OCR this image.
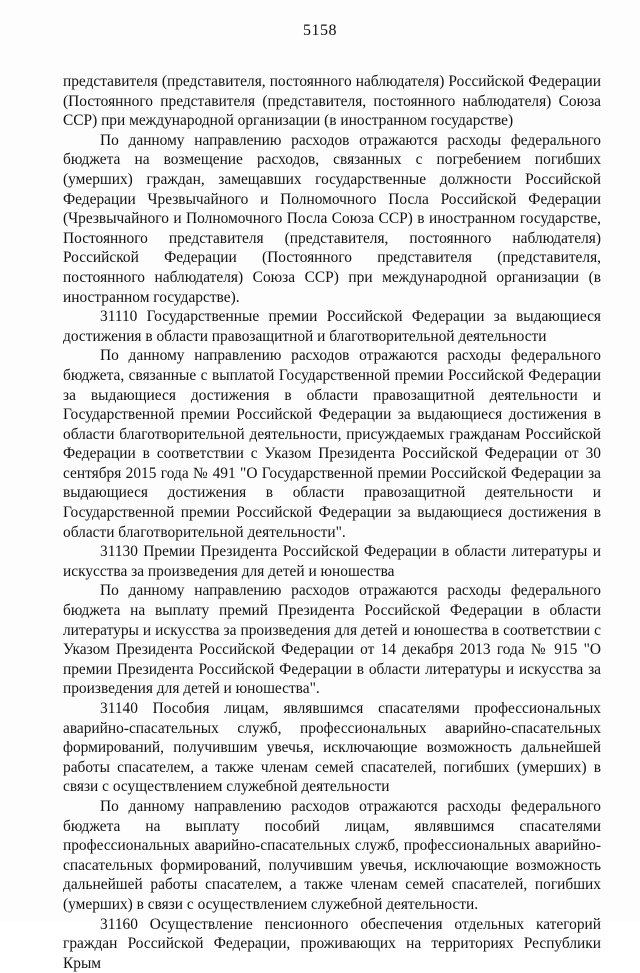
5158

представителя (представителя, постоянного наблюдателя) Российской Федерации (Постоянного представителя (представителя, постоянного наблюдателя) Союза ССР) при международной организации (в иностранном государстве)

По данному направлению расходов отражаются расходы федерального бюджета на возмещение расходов, связанных с погребением погибших (умерших) граждан, замещавших государственные должности Российской Федерации Чрезвычайного и Полномочного Посла Российской Федерации (Чрезвычайного и Полномочного Посла Союза ССР) в иностранном государстве, Постоянного представителя (представителя, постоянного наблюдателя) Российской Федерации (Постоянного представителя (представителя, постоянного наблюдателя) Союза ССР) при международной организации (в иностранном государстве).

31110 Государственные премии Российской Федерации за выдающиеся достижения в области правозащитной и благотворительной деятельности

По данному направлению расходов отражаются расходы федерального бюджета, связанные с выплатой Государственной премии Российской Федерации за выдающиеся достижения в области правозащитной деятельности и Государственной премии Российской Федерации за выдающиеся достижения в области благотворительной деятельности, присуждаемых гражданам Российской Федерации в соответствии с Указом Президента Российской Федерации от 30 сентября 2015 года № 491 "О Государственной премии Российской Федерации за выдающиеся достижения в области правозащитной деятельности и Государственной премии Российской Федерации за выдающиеся достижения в области благотворительной деятельности".

31130 Премии Президента Российской Федерации в области литературы и искусства за произведения для детей и юношества

По данному направлению расходов отражаются расходы федерального бюджета на выплату премий Президента Российской Федерации в области литературы и искусства за произведения для детей и юношества в соответствии с Указом Президента Российской Федерации от 14 декабря 2013 года № 915 "О премии Президента Российской Федерации в области литературы и искусства за произведения для детей и юношества".

31140 Пособия лицам, являвшимся спасателями профессиональных аварийно-спасательных служб, профессиональных аварийно-спасательных формирований, получившим увечья, исключающие возможность дальнейшей работы спасателем, а также членам семей спасателей, погибших (умерших) в связи с осуществлением служебной деятельности

По данному направлению расходов отражаются расходы федерального бюджета на выплату пособий лицам, являвшимся спасателями профессиональных аварийно-спасательных служб, профессиональных аварийно-спасательных формирований, получившим увечья, исключающие возможность дальнейшей работы спасателем, а также членам семей спасателей, погибших (умерших) в связи с осуществлением служебной деятельности.

31160 Осуществление пенсионного обеспечения отдельных категорий граждан Российской Федерации, проживающих на территориях Республики Крым
